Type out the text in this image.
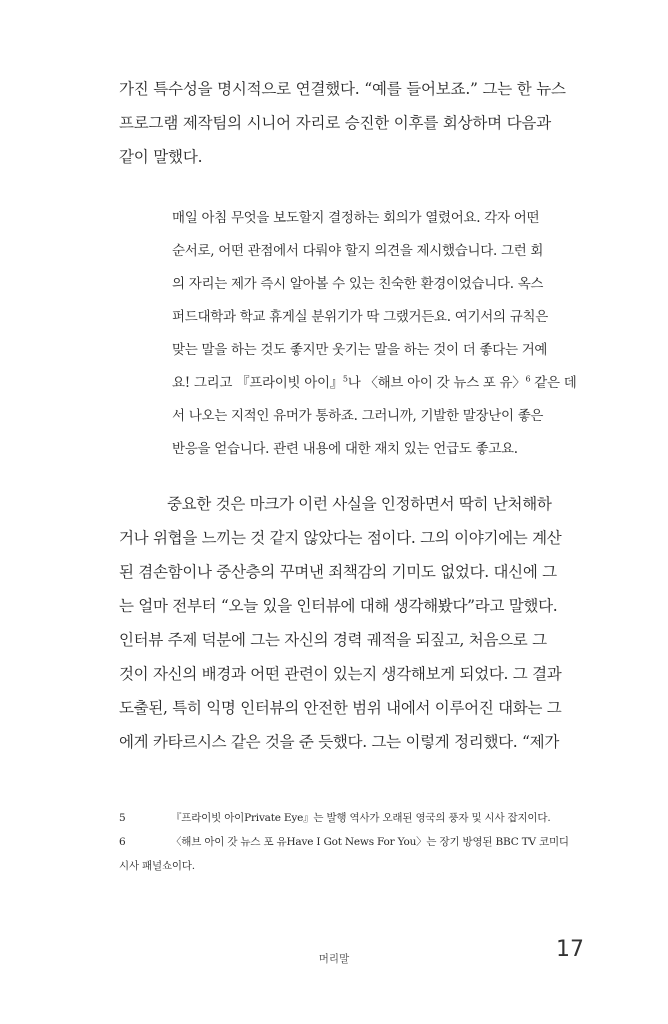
가진 특수성을 명시적으로 연결했다. “예를 들어보죠.” 그는 한 뉴스
프로그램 제작팀의 시니어 자리로 승진한 이후를 회상하며 다음과
같이 말했다.
매일 아침 무엇을 보도할지 결정하는 회의가 열렸어요. 각자 어떤
순서로, 어떤 관점에서 다뤄야 할지 의견을 제시했습니다. 그런 회
의 자리는 제가 즉시 알아볼 수 있는 친숙한 환경이었습니다. 옥스
퍼드대학과 학교 휴게실 분위기가 딱 그랬거든요. 여기서의 규칙은
맞는 말을 하는 것도 좋지만 웃기는 말을 하는 것이 더 좋다는 거예
요! 그리고 『프라이빗 아이』$^5$나 〈해브 아이 갓 뉴스 포 유〉$^6$ 같은 데
서 나오는 지적인 유머가 통하죠. 그러니까, 기발한 말장난이 좋은
반응을 얻습니다. 관련 내용에 대한 재치 있는 언급도 좋고요.
중요한 것은 마크가 이런 사실을 인정하면서 딱히 난처해하
거나 위협을 느끼는 것 같지 않았다는 점이다. 그의 이야기에는 계산
된 겸손함이나 중산층의 꾸며낸 죄책감의 기미도 없었다. 대신에 그
는 얼마 전부터 “오늘 있을 인터뷰에 대해 생각해봤다”라고 말했다.
인터뷰 주제 덕분에 그는 자신의 경력 궤적을 되짚고, 처음으로 그
것이 자신의 배경과 어떤 관련이 있는지 생각해보게 되었다. 그 결과
도출된, 특히 익명 인터뷰의 안전한 범위 내에서 이루어진 대화는 그
에게 카타르시스 같은 것을 준 듯했다. 그는 이렇게 정리했다. “제가
5	『프라이빗 아이Private Eye』는 발행 역사가 오래된 영국의 풍자 및 시사 잡지이다.
6	〈해브 아이 갓 뉴스 포 유Have I Got News For You〉는 장기 방영된 BBC TV 코미디
시사 패널쇼이다.
머리말	17
